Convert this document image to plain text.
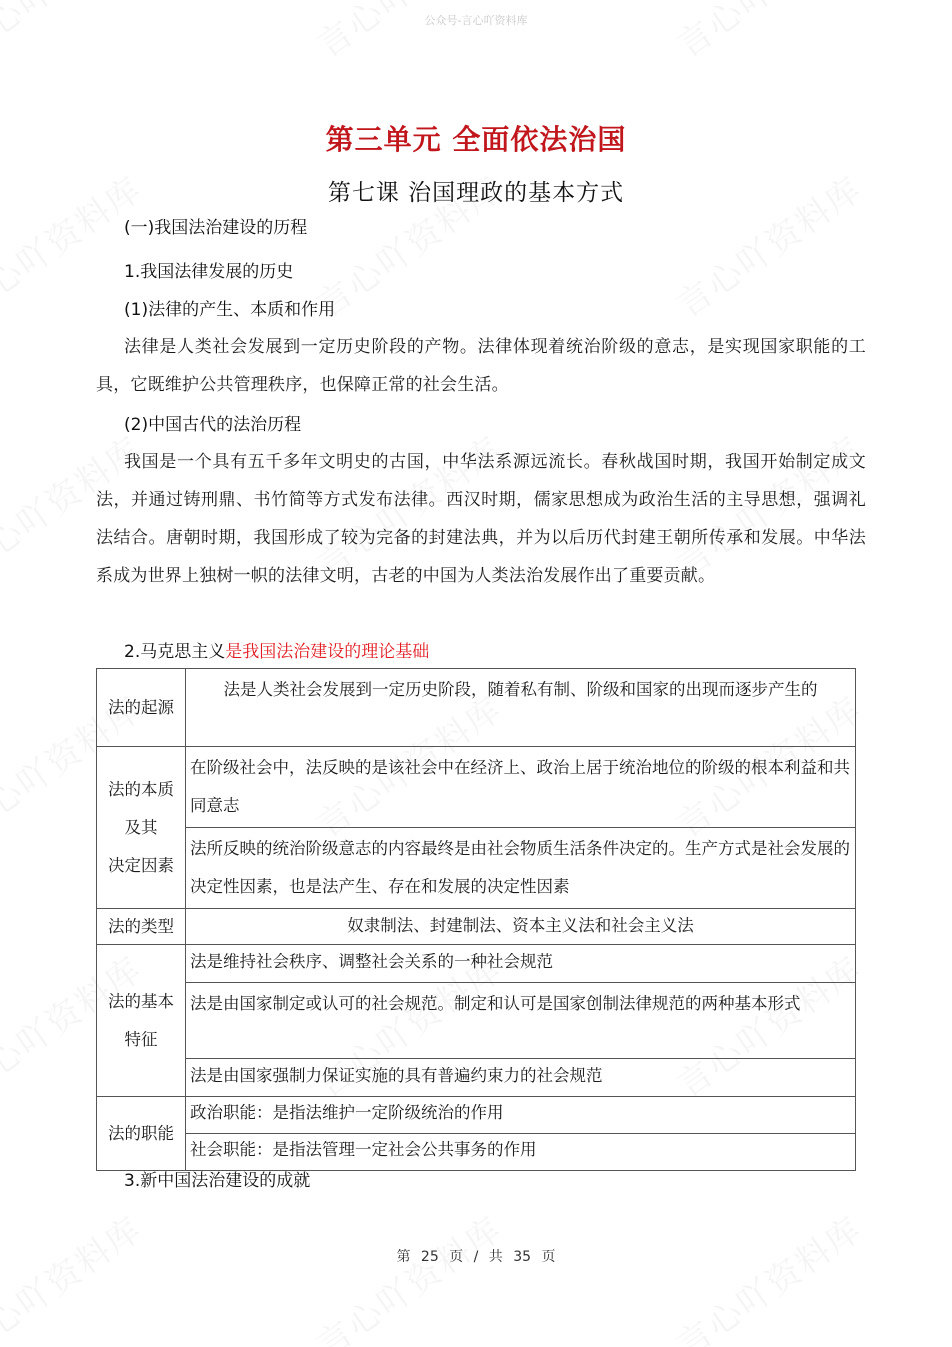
公众号-言心吖资料库
第三单元 全面依法治国
第七课 治国理政的基本方式
(一)我国法治建设的历程
1.我国法律发展的历史
(1)法律的产生、本质和作用
法律是人类社会发展到一定历史阶段的产物。法律体现着统治阶级的意志，是实现国家职能的工具，它既维护公共管理秩序，也保障正常的社会生活。
(2)中国古代的法治历程
我国是一个具有五千多年文明史的古国，中华法系源远流长。春秋战国时期，我国开始制定成文法，并通过铸刑鼎、书竹简等方式发布法律。西汉时期，儒家思想成为政治生活的主导思想，强调礼法结合。唐朝时期，我国形成了较为完备的封建法典，并为以后历代封建王朝所传承和发展。中华法系成为世界上独树一帜的法律文明，古老的中国为人类法治发展作出了重要贡献。
2.马克思主义是我国法治建设的理论基础
法的起源	法是人类社会发展到一定历史阶段，随着私有制、阶级和国家的出现而逐步产生的

法的本质
及其
决定因素	在阶级社会中，法反映的是该社会中在经济上、政治上居于统治地位的阶级的根本利益和共同意志
	法所反映的统治阶级意志的内容最终是由社会物质生活条件决定的。生产方式是社会发展的决定性因素，也是法产生、存在和发展的决定性因素
法的类型	奴隶制法、封建制法、资本主义法和社会主义法

法的基本
特征	法是维持社会秩序、调整社会关系的一种社会规范
	法是由国家制定或认可的社会规范。制定和认可是国家创制法律规范的两种基本形式
	法是由国家强制力保证实施的具有普遍约束力的社会规范
法的职能	政治职能：是指法维护一定阶级统治的作用
	社会职能：是指法管理一定社会公共事务的作用
3.新中国法治建设的成就
第 25 页 / 共 35 页
